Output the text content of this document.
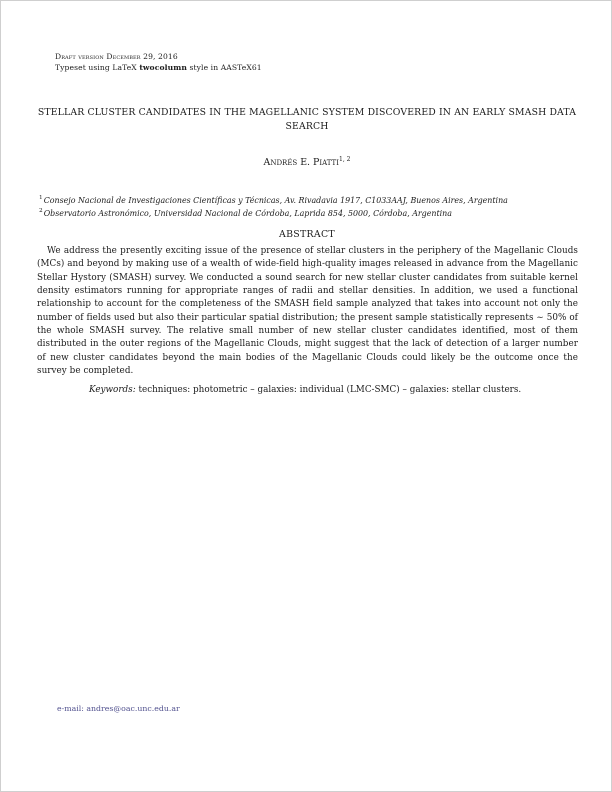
Draft version December 29, 2016
Typeset using LaTeX twocolumn style in AASTeX61
STELLAR CLUSTER CANDIDATES IN THE MAGELLANIC SYSTEM DISCOVERED IN AN EARLY SMASH DATA SEARCH
Andrés E. Piatti$^{1, 2}$
$^1$Consejo Nacional de Investigaciones Científicas y Técnicas, Av. Rivadavia 1917, C1033AAJ, Buenos Aires, Argentina
$^2$Observatorio Astronómico, Universidad Nacional de Córdoba, Laprida 854, 5000, Córdoba, Argentina
ABSTRACT

We address the presently exciting issue of the presence of stellar clusters in the periphery of the Magellanic Clouds (MCs) and beyond by making use of a wealth of wide-field high-quality images released in advance from the Magellanic Stellar Hystory (SMASH) survey. We conducted a sound search for new stellar cluster candidates from suitable kernel density estimators running for appropriate ranges of radii and stellar densities. In addition, we used a functional relationship to account for the completeness of the SMASH field sample analyzed that takes into account not only the number of fields used but also their particular spatial distribution; the present sample statistically represents ∼ 50% of the whole SMASH survey. The relative small number of new stellar cluster candidates identified, most of them distributed in the outer regions of the Magellanic Clouds, might suggest that the lack of detection of a larger number of new cluster candidates beyond the main bodies of the Magellanic Clouds could likely be the outcome once the survey be completed.

Keywords: techniques: photometric – galaxies: individual (LMC-SMC) – galaxies: stellar clusters.

e-mail: andres@oac.unc.edu.ar
